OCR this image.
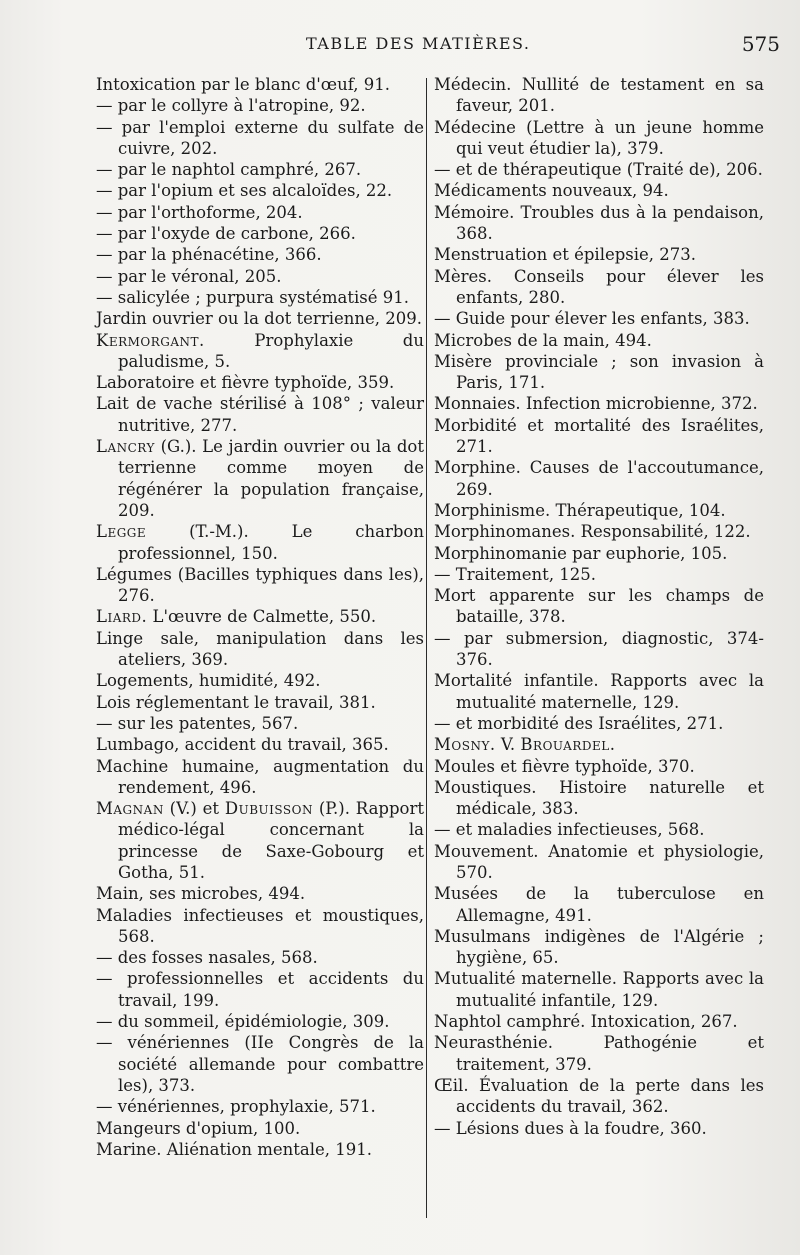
TABLE DES MATIÈRES.	575

Intoxication par le blanc d'œuf, 91.

— par le collyre à l'atropine, 92.

— par l'emploi externe du sulfate de cuivre, 202.

— par le naphtol camphré, 267.

— par l'opium et ses alcaloïdes, 22.

— par l'orthoforme, 204.

— par l'oxyde de carbone, 266.

— par la phénacétine, 366.

— par le véronal, 205.

— salicylée ; purpura systématisé 91.

Jardin ouvrier ou la dot terrienne, 209.

Kermorgant. Prophylaxie du paludisme, 5.

Laboratoire et fièvre typhoïde, 359.

Lait de vache stérilisé à 108° ; valeur nutritive, 277.

Lancry (G.). Le jardin ouvrier ou la dot terrienne comme moyen de régénérer la population française, 209.

Legge (T.-M.). Le charbon professionnel, 150.

Légumes (Bacilles typhiques dans les), 276.

Liard. L'œuvre de Calmette, 550.

Linge sale, manipulation dans les ateliers, 369.

Logements, humidité, 492.

Lois réglementant le travail, 381.

— sur les patentes, 567.

Lumbago, accident du travail, 365.

Machine humaine, augmentation du rendement, 496.

Magnan (V.) et Dubuisson (P.). Rapport médico-légal concernant la princesse de Saxe-Gobourg et Gotha, 51.

Main, ses microbes, 494.

Maladies infectieuses et moustiques, 568.

— des fosses nasales, 568.

— professionnelles et accidents du travail, 199.

— du sommeil, épidémiologie, 309.

— vénériennes (IIe Congrès de la société allemande pour combattre les), 373.

— vénériennes, prophylaxie, 571.

Mangeurs d'opium, 100.

Marine. Aliénation mentale, 191.

Médecin. Nullité de testament en sa faveur, 201.

Médecine (Lettre à un jeune homme qui veut étudier la), 379.

— et de thérapeutique (Traité de), 206.

Médicaments nouveaux, 94.

Mémoire. Troubles dus à la pendaison, 368.

Menstruation et épilepsie, 273.

Mères. Conseils pour élever les enfants, 280.

— Guide pour élever les enfants, 383.

Microbes de la main, 494.

Misère provinciale ; son invasion à Paris, 171.

Monnaies. Infection microbienne, 372.

Morbidité et mortalité des Israélites, 271.

Morphine. Causes de l'accoutumance, 269.

Morphinisme. Thérapeutique, 104.

Morphinomanes. Responsabilité, 122.

Morphinomanie par euphorie, 105.

— Traitement, 125.

Mort apparente sur les champs de bataille, 378.

— par submersion, diagnostic, 374-376.

Mortalité infantile. Rapports avec la mutualité maternelle, 129.

— et morbidité des Israélites, 271.

Mosny. V. Brouardel.

Moules et fièvre typhoïde, 370.

Moustiques. Histoire naturelle et médicale, 383.

— et maladies infectieuses, 568.

Mouvement. Anatomie et physiologie, 570.

Musées de la tuberculose en Allemagne, 491.

Musulmans indigènes de l'Algérie ; hygiène, 65.

Mutualité maternelle. Rapports avec la mutualité infantile, 129.

Naphtol camphré. Intoxication, 267.

Neurasthénie. Pathogénie et traitement, 379.

Œil. Évaluation de la perte dans les accidents du travail, 362.

— Lésions dues à la foudre, 360.
